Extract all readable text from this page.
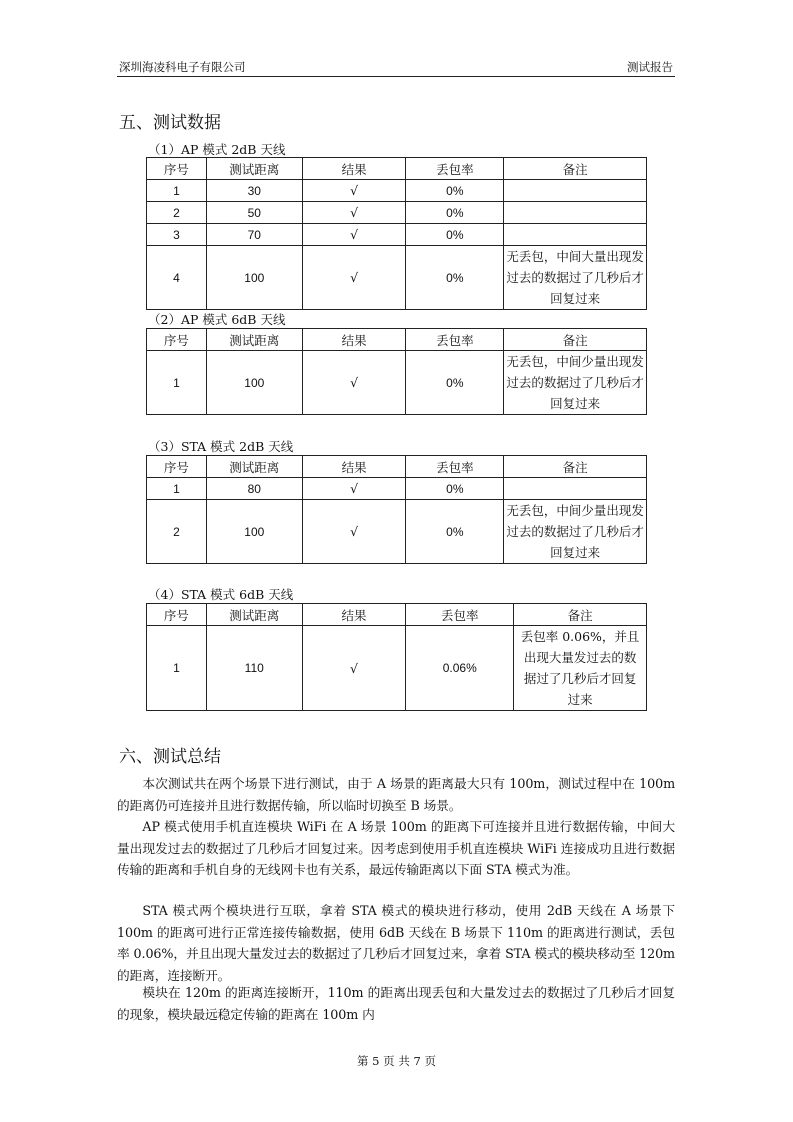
深圳海凌科电子有限公司	测试报告
五、测试数据
（1）AP 模式 2dB 天线
序号	测试距离	结果	丢包率	备注
1	30	√	0%	
2	50	√	0%	
3	70	√	0%	
4	100	√	0%	无丢包，中间大量出现发过去的数据过了几秒后才回复过来
（2）AP 模式 6dB 天线
序号	测试距离	结果	丢包率	备注
1	100	√	0%	无丢包，中间少量出现发过去的数据过了几秒后才回复过来
（3）STA 模式 2dB 天线
序号	测试距离	结果	丢包率	备注
1	80	√	0%	
2	100	√	0%	无丢包，中间少量出现发过去的数据过了几秒后才回复过来
（4）STA 模式 6dB 天线
序号	测试距离	结果	丢包率	备注
1	110	√	0.06%	丢包率 0.06%，并且出现大量发过去的数据过了几秒后才回复过来
六、测试总结

本次测试共在两个场景下进行测试，由于 A 场景的距离最大只有 100m，测试过程中在 100m 的距离仍可连接并且进行数据传输，所以临时切换至 B 场景。

AP 模式使用手机直连模块 WiFi 在 A 场景 100m 的距离下可连接并且进行数据传输，中间大量出现发过去的数据过了几秒后才回复过来。因考虑到使用手机直连模块 WiFi 连接成功且进行数据传输的距离和手机自身的无线网卡也有关系，最远传输距离以下面 STA 模式为准。

STA 模式两个模块进行互联，拿着 STA 模式的模块进行移动，使用 2dB 天线在 A 场景下 100m 的距离可进行正常连接传输数据，使用 6dB 天线在 B 场景下 110m 的距离进行测试，丢包率 0.06%，并且出现大量发过去的数据过了几秒后才回复过来，拿着 STA 模式的模块移动至 120m 的距离，连接断开。

模块在 120m 的距离连接断开，110m 的距离出现丢包和大量发过去的数据过了几秒后才回复的现象，模块最远稳定传输的距离在 100m 内

第 5 页 共 7 页
